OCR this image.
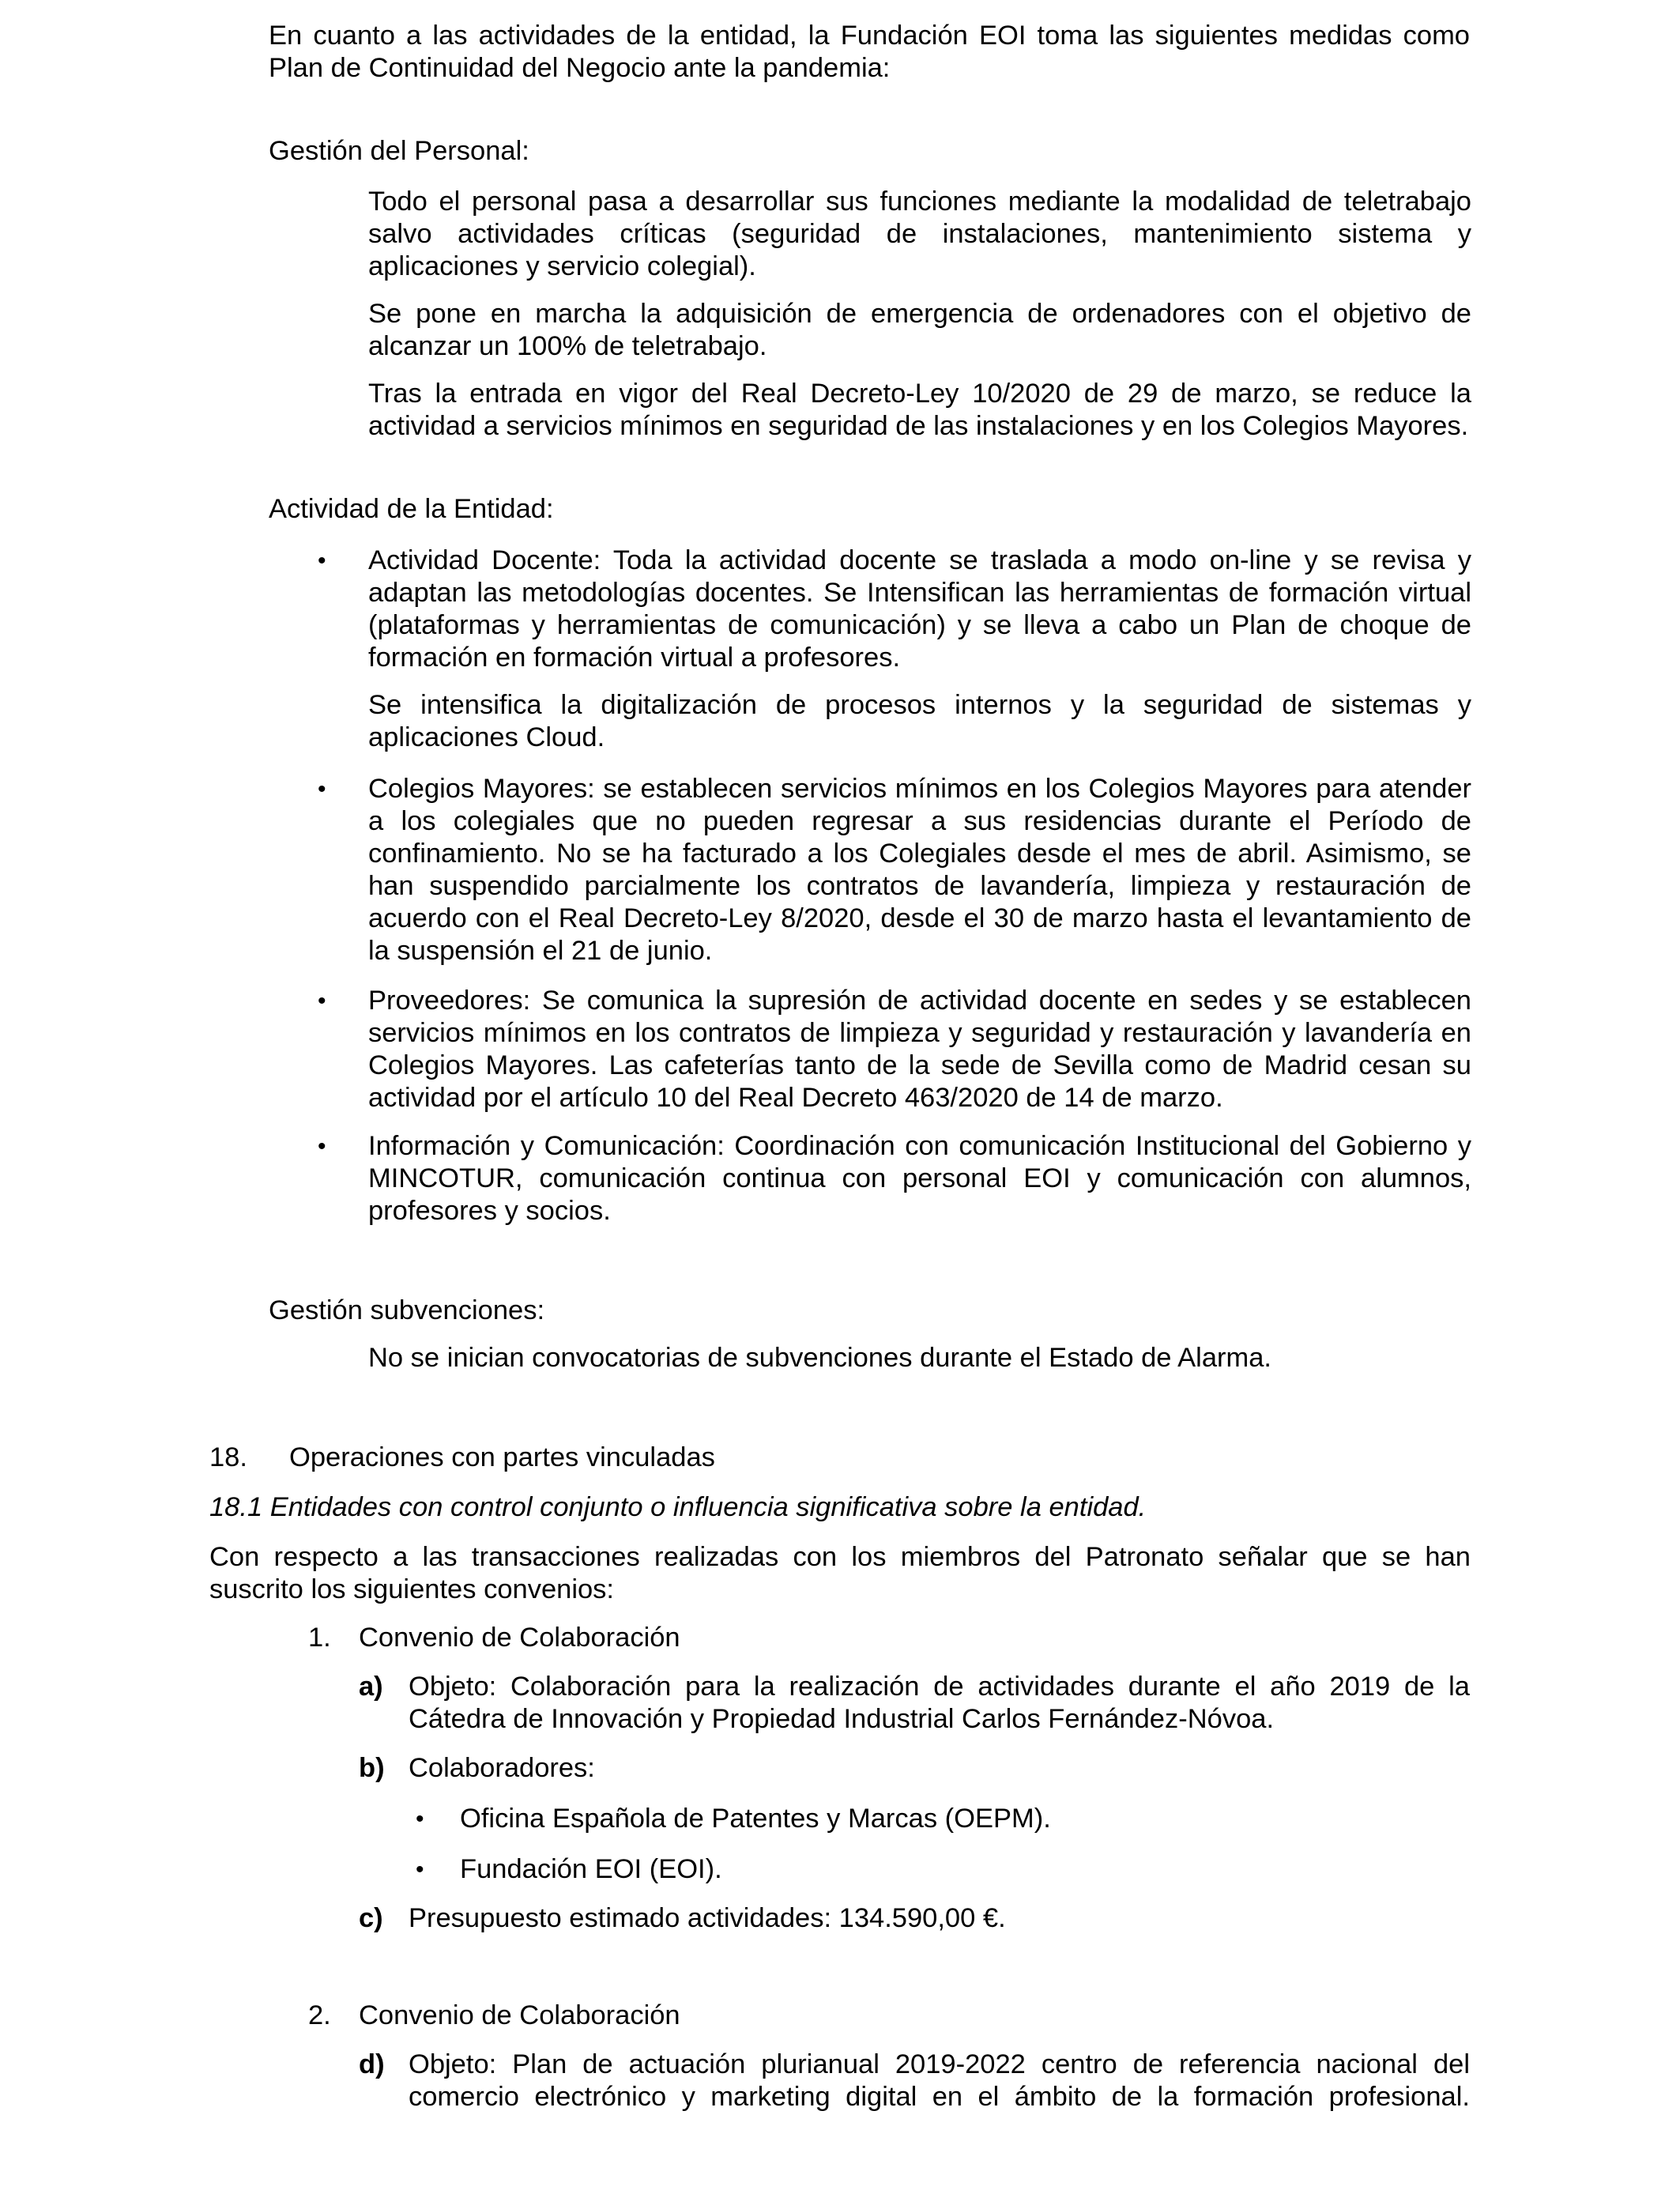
En cuanto a las actividades de la entidad, la Fundación EOI toma las siguientes medidas como Plan de Continuidad del Negocio ante la pandemia:

Gestión del Personal:

Todo el personal pasa a desarrollar sus funciones mediante la modalidad de teletrabajo salvo actividades críticas (seguridad de instalaciones, mantenimiento sistema y aplicaciones y servicio colegial).

Se pone en marcha la adquisición de emergencia de ordenadores con el objetivo de alcanzar un 100% de teletrabajo.

Tras la entrada en vigor del Real Decreto-Ley 10/2020 de 29 de marzo, se reduce la actividad a servicios mínimos en seguridad de las instalaciones y en los Colegios Mayores.

Actividad de la Entidad:

• Actividad Docente: Toda la actividad docente se traslada a modo on-line y se revisa y adaptan las metodologías docentes. Se Intensifican las herramientas de formación virtual (plataformas y herramientas de comunicación) y se lleva a cabo un Plan de choque de formación en formación virtual a profesores.

Se intensifica la digitalización de procesos internos y la seguridad de sistemas y aplicaciones Cloud.

• Colegios Mayores: se establecen servicios mínimos en los Colegios Mayores para atender a los colegiales que no pueden regresar a sus residencias durante el Período de confinamiento. No se ha facturado a los Colegiales desde el mes de abril. Asimismo, se han suspendido parcialmente los contratos de lavandería, limpieza y restauración de acuerdo con el Real Decreto-Ley 8/2020, desde el 30 de marzo hasta el levantamiento de la suspensión el 21 de junio.

• Proveedores: Se comunica la supresión de actividad docente en sedes y se establecen servicios mínimos en los contratos de limpieza y seguridad y restauración y lavandería en Colegios Mayores. Las cafeterías tanto de la sede de Sevilla como de Madrid cesan su actividad por el artículo 10 del Real Decreto 463/2020 de 14 de marzo.

• Información y Comunicación: Coordinación con comunicación Institucional del Gobierno y MINCOTUR, comunicación continua con personal EOI y comunicación con alumnos, profesores y socios.

Gestión subvenciones:

No se inician convocatorias de subvenciones durante el Estado de Alarma.

18. Operaciones con partes vinculadas

18.1 Entidades con control conjunto o influencia significativa sobre la entidad.

Con respecto a las transacciones realizadas con los miembros del Patronato señalar que se han suscrito los siguientes convenios:

1. Convenio de Colaboración
a) Objeto: Colaboración para la realización de actividades durante el año 2019 de la Cátedra de Innovación y Propiedad Industrial Carlos Fernández-Nóvoa.

b) Colaboradores:

• Oficina Española de Patentes y Marcas (OEPM).

• Fundación EOI (EOI).

c) Presupuesto estimado actividades: 134.590,00 €.

2. Convenio de Colaboración
d) Objeto: Plan de actuación plurianual 2019-2022 centro de referencia nacional del comercio electrónico y marketing digital en el ámbito de la formación profesional.
